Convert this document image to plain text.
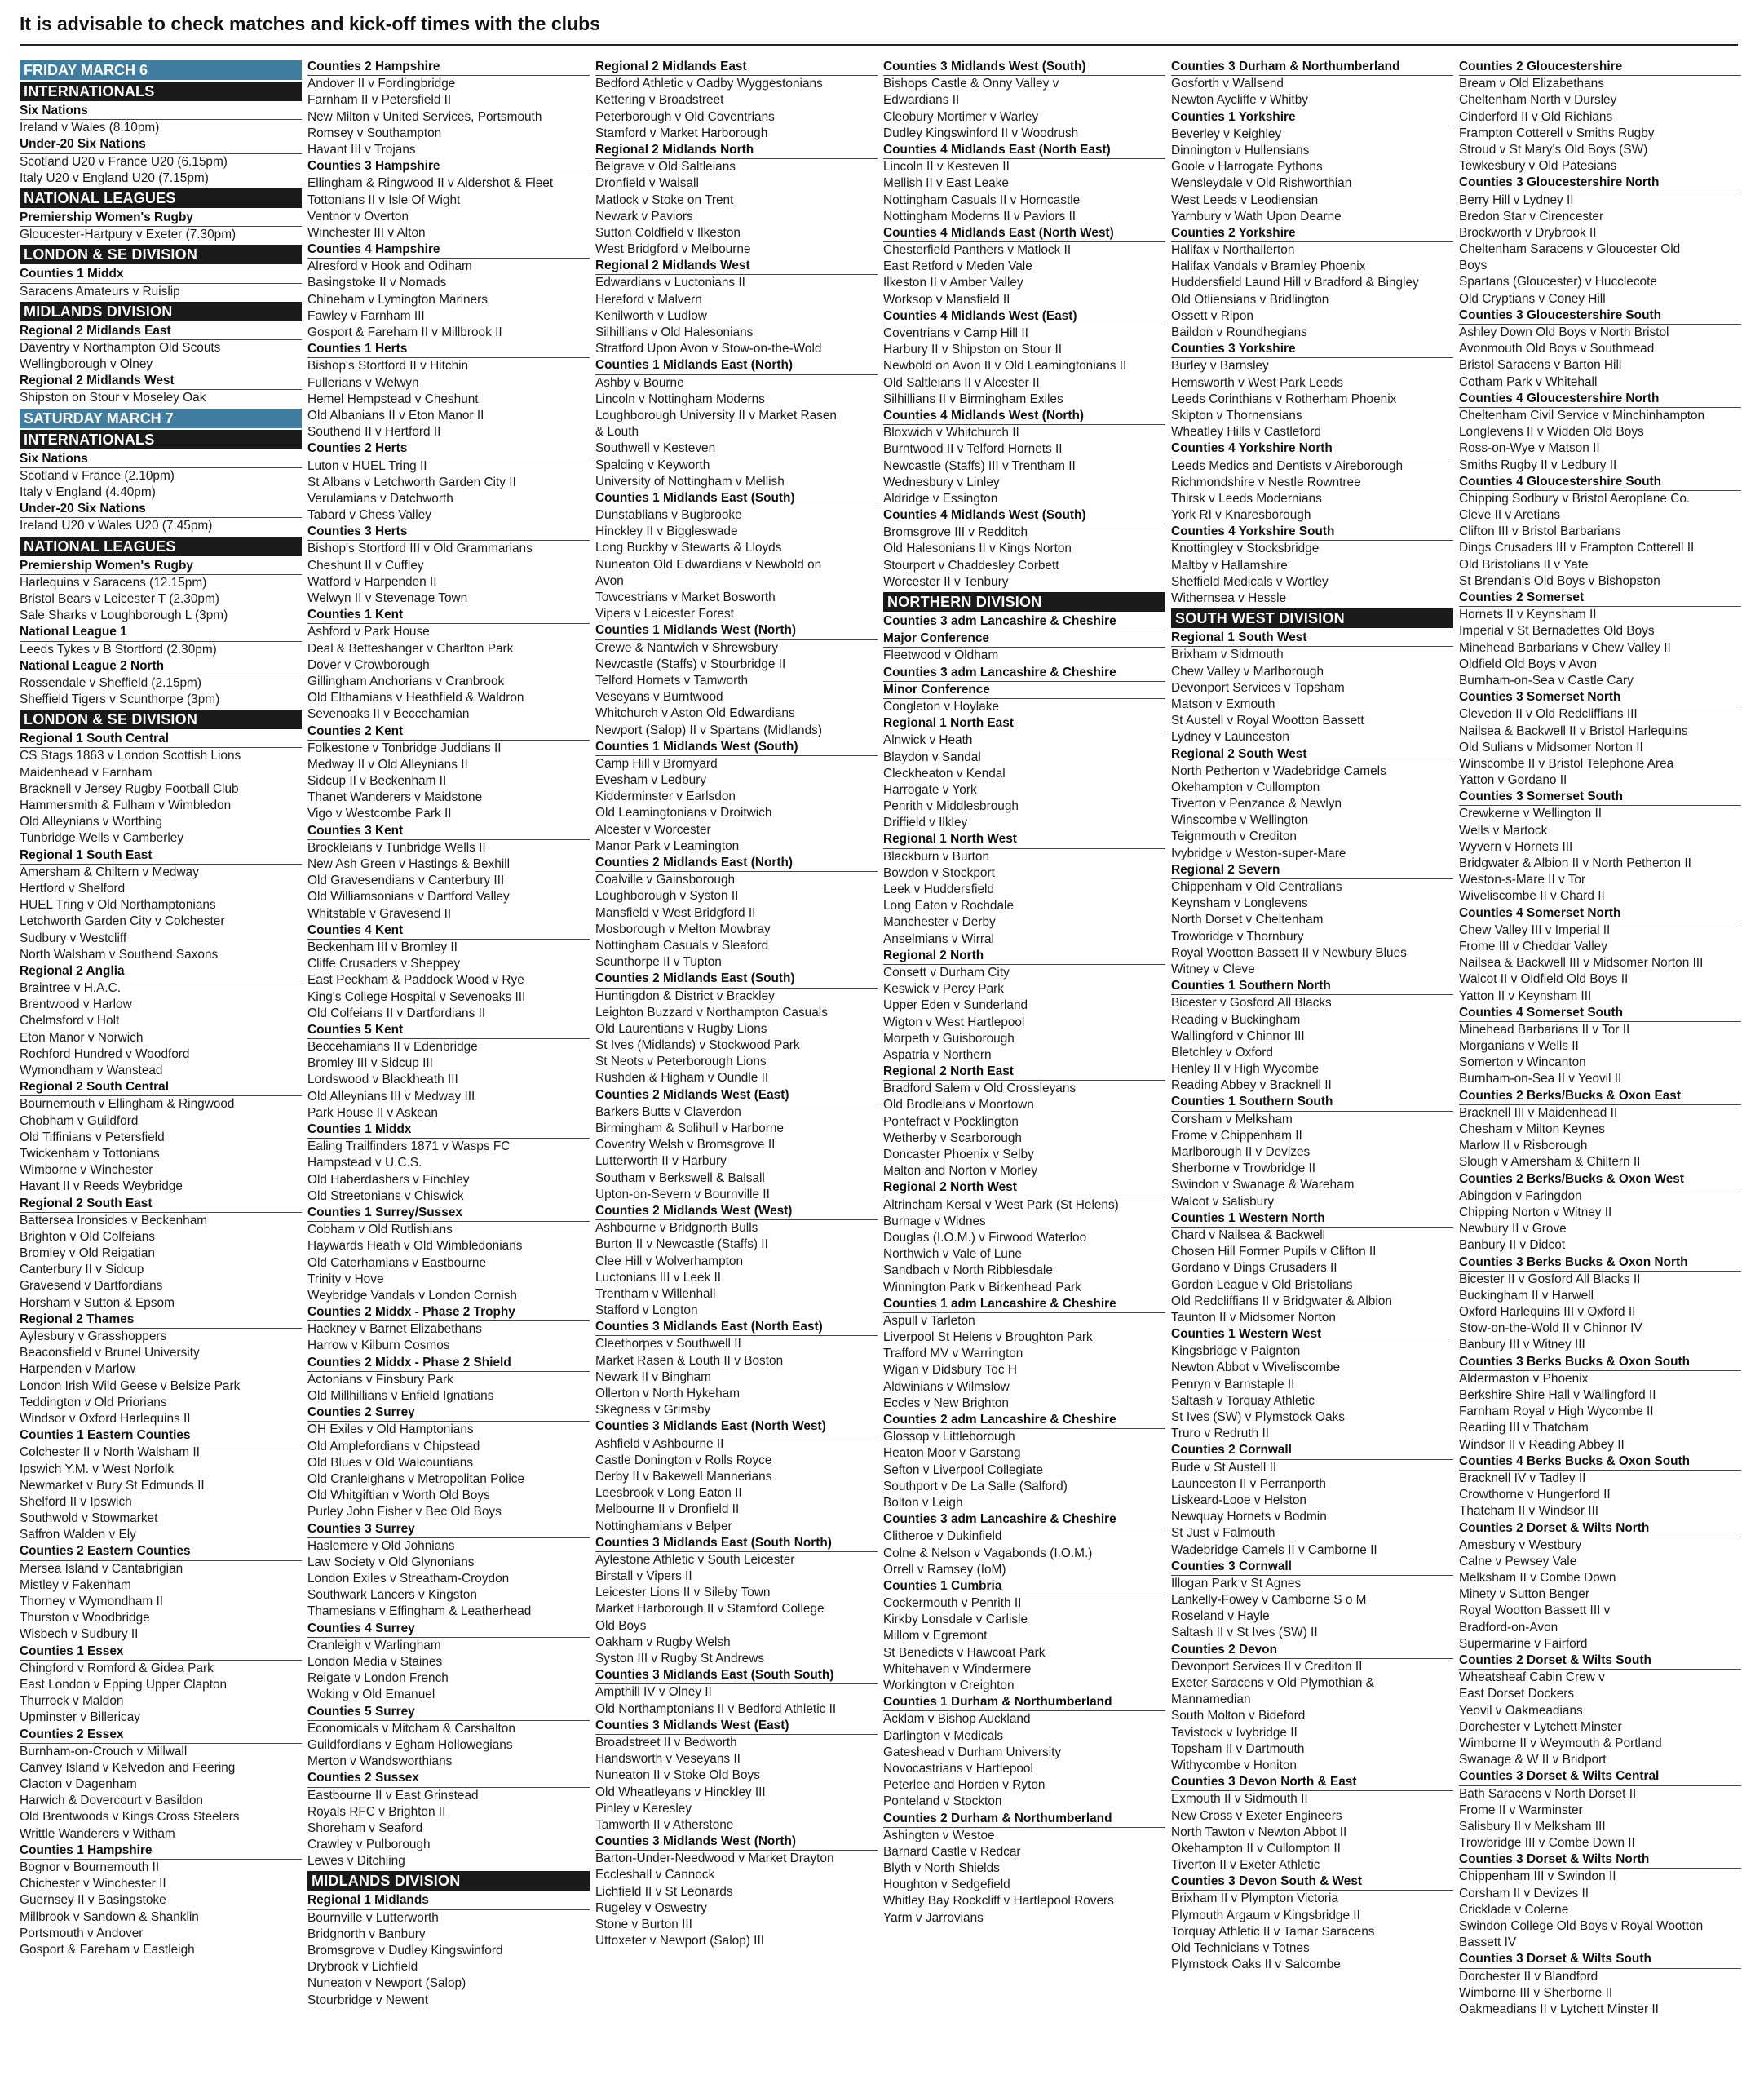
It is advisable to check matches and kick-off times with the clubs
FRIDAY MARCH 6
INTERNATIONALS
Six Nations
Ireland v Wales (8.10pm)
Under-20 Six Nations
Scotland U20 v France U20 (6.15pm)
Italy U20 v England U20 (7.15pm)
NATIONAL LEAGUES
Premiership Women's Rugby
Gloucester-Hartpury v Exeter (7.30pm)
LONDON & SE DIVISION
Counties 1 Middx
Saracens Amateurs v Ruislip
MIDLANDS DIVISION
Regional 2 Midlands East
Daventry v Northampton Old Scouts
Wellingborough v Olney
Regional 2 Midlands West
Shipston on Stour v Moseley Oak
SATURDAY MARCH 7
INTERNATIONALS
Six Nations
Scotland v France (2.10pm)
Italy v England (4.40pm)
Under-20 Six Nations
Ireland U20 v Wales U20 (7.45pm)
NATIONAL LEAGUES
Premiership Women's Rugby
Harlequins v Saracens (12.15pm)
Bristol Bears v Leicester T (2.30pm)
Sale Sharks v Loughborough L (3pm)
National League 1
Leeds Tykes v B Stortford (2.30pm)
National League 2 North
Rossendale v Sheffield (2.15pm)
Sheffield Tigers v Scunthorpe (3pm)
LONDON & SE DIVISION
Regional 1 South Central
CS Stags 1863 v London Scottish Lions
Maidenhead v Farnham
Bracknell v Jersey Rugby Football Club
Hammersmith & Fulham v Wimbledon
Old Alleynians v Worthing
Tunbridge Wells v Camberley
Regional 1 South East
Amersham & Chiltern v Medway
Hertford v Shelford
HUEL Tring v Old Northamptonians
Letchworth Garden City v Colchester
Sudbury v Westcliff
North Walsham v Southend Saxons
Regional 2 Anglia
Braintree v H.A.C.
Brentwood v Harlow
Chelmsford v Holt
Eton Manor v Norwich
Rochford Hundred v Woodford
Wymondham v Wanstead
Regional 2 South Central
Bournemouth v Ellingham & Ringwood
Chobham v Guildford
Old Tiffinians v Petersfield
Twickenham v Tottonians
Wimborne v Winchester
Havant II v Reeds Weybridge
Regional 2 South East
Battersea Ironsides v Beckenham
Brighton v Old Colfeians
Bromley v Old Reigatian
Canterbury II v Sidcup
Gravesend v Dartfordians
Horsham v Sutton & Epsom
Regional 2 Thames
Aylesbury v Grasshoppers
Beaconsfield v Brunel University
Harpenden v Marlow
London Irish Wild Geese v Belsize Park
Teddington v Old Priorians
Windsor v Oxford Harlequins II
Counties 1 Eastern Counties
Colchester II v North Walsham II
Ipswich Y.M. v West Norfolk
Newmarket v Bury St Edmunds II
Shelford II v Ipswich
Southwold v Stowmarket
Saffron Walden v Ely
Counties 2 Eastern Counties
Mersea Island v Cantabrigian
Mistley v Fakenham
Thorney v Wymondham II
Thurston v Woodbridge
Wisbech v Sudbury II
Counties 1 Essex
Chingford v Romford & Gidea Park
East London v Epping Upper Clapton
Thurrock v Maldon
Upminster v Billericay
Counties 2 Essex
Burnham-on-Crouch v Millwall
Canvey Island v Kelvedon and Feering
Clacton v Dagenham
Harwich & Dovercourt v Basildon
Old Brentwoods v Kings Cross Steelers
Writtle Wanderers v Witham
Counties 1 Hampshire
Bognor v Bournemouth II
Chichester v Winchester II
Guernsey II v Basingstoke
Millbrook v Sandown & Shanklin
Portsmouth v Andover
Gosport & Fareham v Eastleigh
Counties 2 Hampshire
Andover II v Fordingbridge
Farnham II v Petersfield II
New Milton v United Services, Portsmouth
Romsey v Southampton
Havant III v Trojans
Counties 3 Hampshire
Ellingham & Ringwood II v Aldershot & Fleet
Tottonians II v Isle Of Wight
Ventnor v Overton
Winchester III v Alton
Counties 4 Hampshire
Alresford v Hook and Odiham
Basingstoke II v Nomads
Chineham v Lymington Mariners
Fawley v Farnham III
Gosport & Fareham II v Millbrook II
Counties 1 Herts
Bishop's Stortford II v Hitchin
Fullerians v Welwyn
Hemel Hempstead v Cheshunt
Old Albanians II v Eton Manor II
Southend II v Hertford II
Counties 2 Herts
Luton v HUEL Tring II
St Albans v Letchworth Garden City II
Verulamians v Datchworth
Tabard v Chess Valley
Counties 3 Herts
Bishop's Stortford III v Old Grammarians
Cheshunt II v Cuffley
Watford v Harpenden II
Welwyn II v Stevenage Town
Counties 1 Kent
Ashford v Park House
Deal & Betteshanger v Charlton Park
Dover v Crowborough
Gillingham Anchorians v Cranbrook
Old Elthamians v Heathfield & Waldron
Sevenoaks II v Beccehamian
Counties 2 Kent
Folkestone v Tonbridge Juddians II
Medway II v Old Alleynians II
Sidcup II v Beckenham II
Thanet Wanderers v Maidstone
Vigo v Westcombe Park II
Counties 3 Kent
Brockleians v Tunbridge Wells II
New Ash Green v Hastings & Bexhill
Old Gravesendians v Canterbury III
Old Williamsonians v Dartford Valley
Whitstable v Gravesend II
Counties 4 Kent
Beckenham III v Bromley II
Cliffe Crusaders v Sheppey
East Peckham & Paddock Wood v Rye
King's College Hospital v Sevenoaks III
Old Colfeians II v Dartfordians II
Counties 5 Kent
Beccehamians II v Edenbridge
Bromley III v Sidcup III
Lordswood v Blackheath III
Old Alleynians III v Medway III
Park House II v Askean
Counties 1 Middx
Ealing Trailfinders 1871 v Wasps FC
Hampstead v U.C.S.
Old Haberdashers v Finchley
Old Streetonians v Chiswick
Counties 1 Surrey/Sussex
Cobham v Old Rutlishians
Haywards Heath v Old Wimbledonians
Old Caterhamians v Eastbourne
Trinity v Hove
Weybridge Vandals v London Cornish
Counties 2 Middx - Phase 2 Trophy
Hackney v Barnet Elizabethans
Harrow v Kilburn Cosmos
Counties 2 Middx - Phase 2 Shield
Actonians v Finsbury Park
Old Millhillians v Enfield Ignatians
Counties 2 Surrey
OH Exiles v Old Hamptonians
Old Amplefordians v Chipstead
Old Blues v Old Walcountians
Old Cranleighans v Metropolitan Police
Old Whitgiftian v Worth Old Boys
Purley John Fisher v Bec Old Boys
Counties 3 Surrey
Haslemere v Old Johnians
Law Society v Old Glynonians
London Exiles v Streatham-Croydon
Southwark Lancers v Kingston
Thamesians v Effingham & Leatherhead
Counties 4 Surrey
Cranleigh v Warlingham
London Media v Staines
Reigate v London French
Woking v Old Emanuel
Counties 5 Surrey
Economicals v Mitcham & Carshalton
Guildfordians v Egham Hollowegians
Merton v Wandsworthians
Counties 2 Sussex
Eastbourne II v East Grinstead
Royals RFC v Brighton II
Shoreham v Seaford
Crawley v Pulborough
Lewes v Ditchling
MIDLANDS DIVISION
Regional 1 Midlands
Bournville v Lutterworth
Bridgnorth v Banbury
Bromsgrove v Dudley Kingswinford
Drybrook v Lichfield
Nuneaton v Newport (Salop)
Stourbridge v Newent
Regional 2 Midlands East
Bedford Athletic v Oadby Wyggestonians
Kettering v Broadstreet
Peterborough v Old Coventrians
Stamford v Market Harborough
Regional 2 Midlands North
Belgrave v Old Saltleians
Dronfield v Walsall
Matlock v Stoke on Trent
Newark v Paviors
Sutton Coldfield v Ilkeston
West Bridgford v Melbourne
Regional 2 Midlands West
Edwardians v Luctonians II
Hereford v Malvern
Kenilworth v Ludlow
Silhillians v Old Halesonians
Stratford Upon Avon v Stow-on-the-Wold
Counties 1 Midlands East (North)
Ashby v Bourne
Lincoln v Nottingham Moderns
Loughborough University II v Market Rasen
& Louth
Southwell v Kesteven
Spalding v Keyworth
University of Nottingham v Mellish
Counties 1 Midlands East (South)
Dunstablians v Bugbrooke
Hinckley II v Biggleswade
Long Buckby v Stewarts & Lloyds
Nuneaton Old Edwardians v Newbold on
Avon
Towcestrians v Market Bosworth
Vipers v Leicester Forest
Counties 1 Midlands West (North)
Crewe & Nantwich v Shrewsbury
Newcastle (Staffs) v Stourbridge II
Telford Hornets v Tamworth
Veseyans v Burntwood
Whitchurch v Aston Old Edwardians
Newport (Salop) II v Spartans (Midlands)
Counties 1 Midlands West (South)
Camp Hill v Bromyard
Evesham v Ledbury
Kidderminster v Earlsdon
Old Leamingtonians v Droitwich
Alcester v Worcester
Manor Park v Leamington
Counties 2 Midlands East (North)
Coalville v Gainsborough
Loughborough v Syston II
Mansfield v West Bridgford II
Mosborough v Melton Mowbray
Nottingham Casuals v Sleaford
Scunthorpe II v Tupton
Counties 2 Midlands East (South)
Huntingdon & District v Brackley
Leighton Buzzard v Northampton Casuals
Old Laurentians v Rugby Lions
St Ives (Midlands) v Stockwood Park
St Neots v Peterborough Lions
Rushden & Higham v Oundle II
Counties 2 Midlands West (East)
Barkers Butts v Claverdon
Birmingham & Solihull v Harborne
Coventry Welsh v Bromsgrove II
Lutterworth II v Harbury
Southam v Berkswell & Balsall
Upton-on-Severn v Bournville II
Counties 2 Midlands West (West)
Ashbourne v Bridgnorth Bulls
Burton II v Newcastle (Staffs) II
Clee Hill v Wolverhampton
Luctonians III v Leek II
Trentham v Willenhall
Stafford v Longton
Counties 3 Midlands East (North East)
Cleethorpes v Southwell II
Market Rasen & Louth II v Boston
Newark II v Bingham
Ollerton v North Hykeham
Skegness v Grimsby
Counties 3 Midlands East (North West)
Ashfield v Ashbourne II
Castle Donington v Rolls Royce
Derby II v Bakewell Mannerians
Leesbrook v Long Eaton II
Melbourne II v Dronfield II
Nottinghamians v Belper
Counties 3 Midlands East (South North)
Aylestone Athletic v South Leicester
Birstall v Vipers II
Leicester Lions II v Sileby Town
Market Harborough II v Stamford College
Old Boys
Oakham v Rugby Welsh
Syston III v Rugby St Andrews
Counties 3 Midlands East (South South)
Ampthill IV v Olney II
Old Northamptonians II v Bedford Athletic II
Counties 3 Midlands West (East)
Broadstreet II v Bedworth
Handsworth v Veseyans II
Nuneaton II v Stoke Old Boys
Old Wheatleyans v Hinckley III
Pinley v Keresley
Tamworth II v Atherstone
Counties 3 Midlands West (North)
Barton-Under-Needwood v Market Drayton
Eccleshall v Cannock
Lichfield II v St Leonards
Rugeley v Oswestry
Stone v Burton III
Uttoxeter v Newport (Salop) III
Counties 3 Midlands West (South)
Bishops Castle & Onny Valley v
Edwardians II
Cleobury Mortimer v Warley
Dudley Kingswinford II v Woodrush
Counties 4 Midlands East (North East)
Lincoln II v Kesteven II
Mellish II v East Leake
Nottingham Casuals II v Horncastle
Nottingham Moderns II v Paviors II
Counties 4 Midlands East (North West)
Chesterfield Panthers v Matlock II
East Retford v Meden Vale
Ilkeston II v Amber Valley
Worksop v Mansfield II
Counties 4 Midlands West (East)
Coventrians v Camp Hill II
Harbury II v Shipston on Stour II
Newbold on Avon II v Old Leamingtonians II
Old Saltleians II v Alcester II
Silhillians II v Birmingham Exiles
Counties 4 Midlands West (North)
Bloxwich v Whitchurch II
Burntwood II v Telford Hornets II
Newcastle (Staffs) III v Trentham II
Wednesbury v Linley
Aldridge v Essington
Counties 4 Midlands West (South)
Bromsgrove III v Redditch
Old Halesonians II v Kings Norton
Stourport v Chaddesley Corbett
Worcester II v Tenbury
NORTHERN DIVISION
Counties 3 adm Lancashire & Cheshire
Major Conference
Fleetwood v Oldham
Counties 3 adm Lancashire & Cheshire
Minor Conference
Congleton v Hoylake
Regional 1 North East
Alnwick v Heath
Blaydon v Sandal
Cleckheaton v Kendal
Harrogate v York
Penrith v Middlesbrough
Driffield v Ilkley
Regional 1 North West
Blackburn v Burton
Bowdon v Stockport
Leek v Huddersfield
Long Eaton v Rochdale
Manchester v Derby
Anselmians v Wirral
Regional 2 North
Consett v Durham City
Keswick v Percy Park
Upper Eden v Sunderland
Wigton v West Hartlepool
Morpeth v Guisborough
Aspatria v Northern
Regional 2 North East
Bradford Salem v Old Crossleyans
Old Brodleians v Moortown
Pontefract v Pocklington
Wetherby v Scarborough
Doncaster Phoenix v Selby
Malton and Norton v Morley
Regional 2 North West
Altrincham Kersal v West Park (St Helens)
Burnage v Widnes
Douglas (I.O.M.) v Firwood Waterloo
Northwich v Vale of Lune
Sandbach v North Ribblesdale
Winnington Park v Birkenhead Park
Counties 1 adm Lancashire & Cheshire
Aspull v Tarleton
Liverpool St Helens v Broughton Park
Trafford MV v Warrington
Wigan v Didsbury Toc H
Aldwinians v Wilmslow
Eccles v New Brighton
Counties 2 adm Lancashire & Cheshire
Glossop v Littleborough
Heaton Moor v Garstang
Sefton v Liverpool Collegiate
Southport v De La Salle (Salford)
Bolton v Leigh
Counties 3 adm Lancashire & Cheshire
Clitheroe v Dukinfield
Colne & Nelson v Vagabonds (I.O.M.)
Orrell v Ramsey (IoM)
Counties 1 Cumbria
Cockermouth v Penrith II
Kirkby Lonsdale v Carlisle
Millom v Egremont
St Benedicts v Hawcoat Park
Whitehaven v Windermere
Workington v Creighton
Counties 1 Durham & Northumberland
Acklam v Bishop Auckland
Darlington v Medicals
Gateshead v Durham University
Novocastrians v Hartlepool
Peterlee and Horden v Ryton
Ponteland v Stockton
Counties 2 Durham & Northumberland
Ashington v Westoe
Barnard Castle v Redcar
Blyth v North Shields
Houghton v Sedgefield
Whitley Bay Rockcliff v Hartlepool Rovers
Yarm v Jarrovians
Counties 3 Durham & Northumberland
Gosforth v Wallsend
Newton Aycliffe v Whitby
Counties 1 Yorkshire
Beverley v Keighley
Dinnington v Hullensians
Goole v Harrogate Pythons
Wensleydale v Old Rishworthian
West Leeds v Leodiensian
Yarnbury v Wath Upon Dearne
Counties 2 Yorkshire
Halifax v Northallerton
Halifax Vandals v Bramley Phoenix
Huddersfield Laund Hill v Bradford & Bingley
Old Otliensians v Bridlington
Ossett v Ripon
Baildon v Roundhegians
Counties 3 Yorkshire
Burley v Barnsley
Hemsworth v West Park Leeds
Leeds Corinthians v Rotherham Phoenix
Skipton v Thornensians
Wheatley Hills v Castleford
Counties 4 Yorkshire North
Leeds Medics and Dentists v Aireborough
Richmondshire v Nestle Rowntree
Thirsk v Leeds Modernians
York RI v Knaresborough
Counties 4 Yorkshire South
Knottingley v Stocksbridge
Maltby v Hallamshire
Sheffield Medicals v Wortley
Withernsea v Hessle
SOUTH WEST DIVISION
Regional 1 South West
Brixham v Sidmouth
Chew Valley v Marlborough
Devonport Services v Topsham
Matson v Exmouth
St Austell v Royal Wootton Bassett
Lydney v Launceston
Regional 2 South West
North Petherton v Wadebridge Camels
Okehampton v Cullompton
Tiverton v Penzance & Newlyn
Winscombe v Wellington
Teignmouth v Crediton
Ivybridge v Weston-super-Mare
Regional 2 Severn
Chippenham v Old Centralians
Keynsham v Longlevens
North Dorset v Cheltenham
Trowbridge v Thornbury
Royal Wootton Bassett II v Newbury Blues
Witney v Cleve
Counties 1 Southern North
Bicester v Gosford All Blacks
Reading v Buckingham
Wallingford v Chinnor III
Bletchley v Oxford
Henley II v High Wycombe
Reading Abbey v Bracknell II
Counties 1 Southern South
Corsham v Melksham
Frome v Chippenham II
Marlborough II v Devizes
Sherborne v Trowbridge II
Swindon v Swanage & Wareham
Walcot v Salisbury
Counties 1 Western North
Chard v Nailsea & Backwell
Chosen Hill Former Pupils v Clifton II
Gordano v Dings Crusaders II
Gordon League v Old Bristolians
Old Redcliffians II v Bridgwater & Albion
Taunton II v Midsomer Norton
Counties 1 Western West
Kingsbridge v Paignton
Newton Abbot v Wiveliscombe
Penryn v Barnstaple II
Saltash v Torquay Athletic
St Ives (SW) v Plymstock Oaks
Truro v Redruth II
Counties 2 Cornwall
Bude v St Austell II
Launceston II v Perranporth
Liskeard-Looe v Helston
Newquay Hornets v Bodmin
St Just v Falmouth
Wadebridge Camels II v Camborne II
Counties 3 Cornwall
Illogan Park v St Agnes
Lankelly-Fowey v Camborne S o M
Roseland v Hayle
Saltash II v St Ives (SW) II
Counties 2 Devon
Devonport Services II v Crediton II
Exeter Saracens v Old Plymothian &
Mannamedian
South Molton v Bideford
Tavistock v Ivybridge II
Topsham II v Dartmouth
Withycombe v Honiton
Counties 3 Devon North & East
Exmouth II v Sidmouth II
New Cross v Exeter Engineers
North Tawton v Newton Abbot II
Okehampton II v Cullompton II
Tiverton II v Exeter Athletic
Counties 3 Devon South & West
Brixham II v Plympton Victoria
Plymouth Argaum v Kingsbridge II
Torquay Athletic II v Tamar Saracens
Old Technicians v Totnes
Plymstock Oaks II v Salcombe
Counties 2 Gloucestershire
Bream v Old Elizabethans
Cheltenham North v Dursley
Cinderford II v Old Richians
Frampton Cotterell v Smiths Rugby
Stroud v St Mary's Old Boys (SW)
Tewkesbury v Old Patesians
Counties 3 Gloucestershire North
Berry Hill v Lydney II
Bredon Star v Cirencester
Brockworth v Drybrook II
Cheltenham Saracens v Gloucester Old
Boys
Spartans (Gloucester) v Hucclecote
Old Cryptians v Coney Hill
Counties 3 Gloucestershire South
Ashley Down Old Boys v North Bristol
Avonmouth Old Boys v Southmead
Bristol Saracens v Barton Hill
Cotham Park v Whitehall
Counties 4 Gloucestershire North
Cheltenham Civil Service v Minchinhampton
Longlevens II v Widden Old Boys
Ross-on-Wye v Matson II
Smiths Rugby II v Ledbury II
Counties 4 Gloucestershire South
Chipping Sodbury v Bristol Aeroplane Co.
Cleve II v Aretians
Clifton III v Bristol Barbarians
Dings Crusaders III v Frampton Cotterell II
Old Bristolians II v Yate
St Brendan's Old Boys v Bishopston
Counties 2 Somerset
Hornets II v Keynsham II
Imperial v St Bernadettes Old Boys
Minehead Barbarians v Chew Valley II
Oldfield Old Boys v Avon
Burnham-on-Sea v Castle Cary
Counties 3 Somerset North
Clevedon II v Old Redcliffians III
Nailsea & Backwell II v Bristol Harlequins
Old Sulians v Midsomer Norton II
Winscombe II v Bristol Telephone Area
Yatton v Gordano II
Counties 3 Somerset South
Crewkerne v Wellington II
Wells v Martock
Wyvern v Hornets III
Bridgwater & Albion II v North Petherton II
Weston-s-Mare II v Tor
Wiveliscombe II v Chard II
Counties 4 Somerset North
Chew Valley III v Imperial II
Frome III v Cheddar Valley
Nailsea & Backwell III v Midsomer Norton III
Walcot II v Oldfield Old Boys II
Yatton II v Keynsham III
Counties 4 Somerset South
Minehead Barbarians II v Tor II
Morganians v Wells II
Somerton v Wincanton
Burnham-on-Sea II v Yeovil II
Counties 2 Berks/Bucks & Oxon East
Bracknell III v Maidenhead II
Chesham v Milton Keynes
Marlow II v Risborough
Slough v Amersham & Chiltern II
Counties 2 Berks/Bucks & Oxon West
Abingdon v Faringdon
Chipping Norton v Witney II
Newbury II v Grove
Banbury II v Didcot
Counties 3 Berks Bucks & Oxon North
Bicester II v Gosford All Blacks II
Buckingham II v Harwell
Oxford Harlequins III v Oxford II
Stow-on-the-Wold II v Chinnor IV
Banbury III v Witney III
Counties 3 Berks Bucks & Oxon South
Aldermaston v Phoenix
Berkshire Shire Hall v Wallingford II
Farnham Royal v High Wycombe II
Reading III v Thatcham
Windsor II v Reading Abbey II
Counties 4 Berks Bucks & Oxon South
Bracknell IV v Tadley II
Crowthorne v Hungerford II
Thatcham II v Windsor III
Counties 2 Dorset & Wilts North
Amesbury v Westbury
Calne v Pewsey Vale
Melksham II v Combe Down
Minety v Sutton Benger
Royal Wootton Bassett III v
Bradford-on-Avon
Supermarine v Fairford
Counties 2 Dorset & Wilts South
Wheatsheaf Cabin Crew v
East Dorset Dockers
Yeovil v Oakmeadians
Dorchester v Lytchett Minster
Wimborne II v Weymouth & Portland
Swanage & W II v Bridport
Counties 3 Dorset & Wilts Central
Bath Saracens v North Dorset II
Frome II v Warminster
Salisbury II v Melksham III
Trowbridge III v Combe Down II
Counties 3 Dorset & Wilts North
Chippenham III v Swindon II
Corsham II v Devizes II
Cricklade v Colerne
Swindon College Old Boys v Royal Wootton
Bassett IV
Counties 3 Dorset & Wilts South
Dorchester II v Blandford
Wimborne III v Sherborne II
Oakmeadians II v Lytchett Minster II
